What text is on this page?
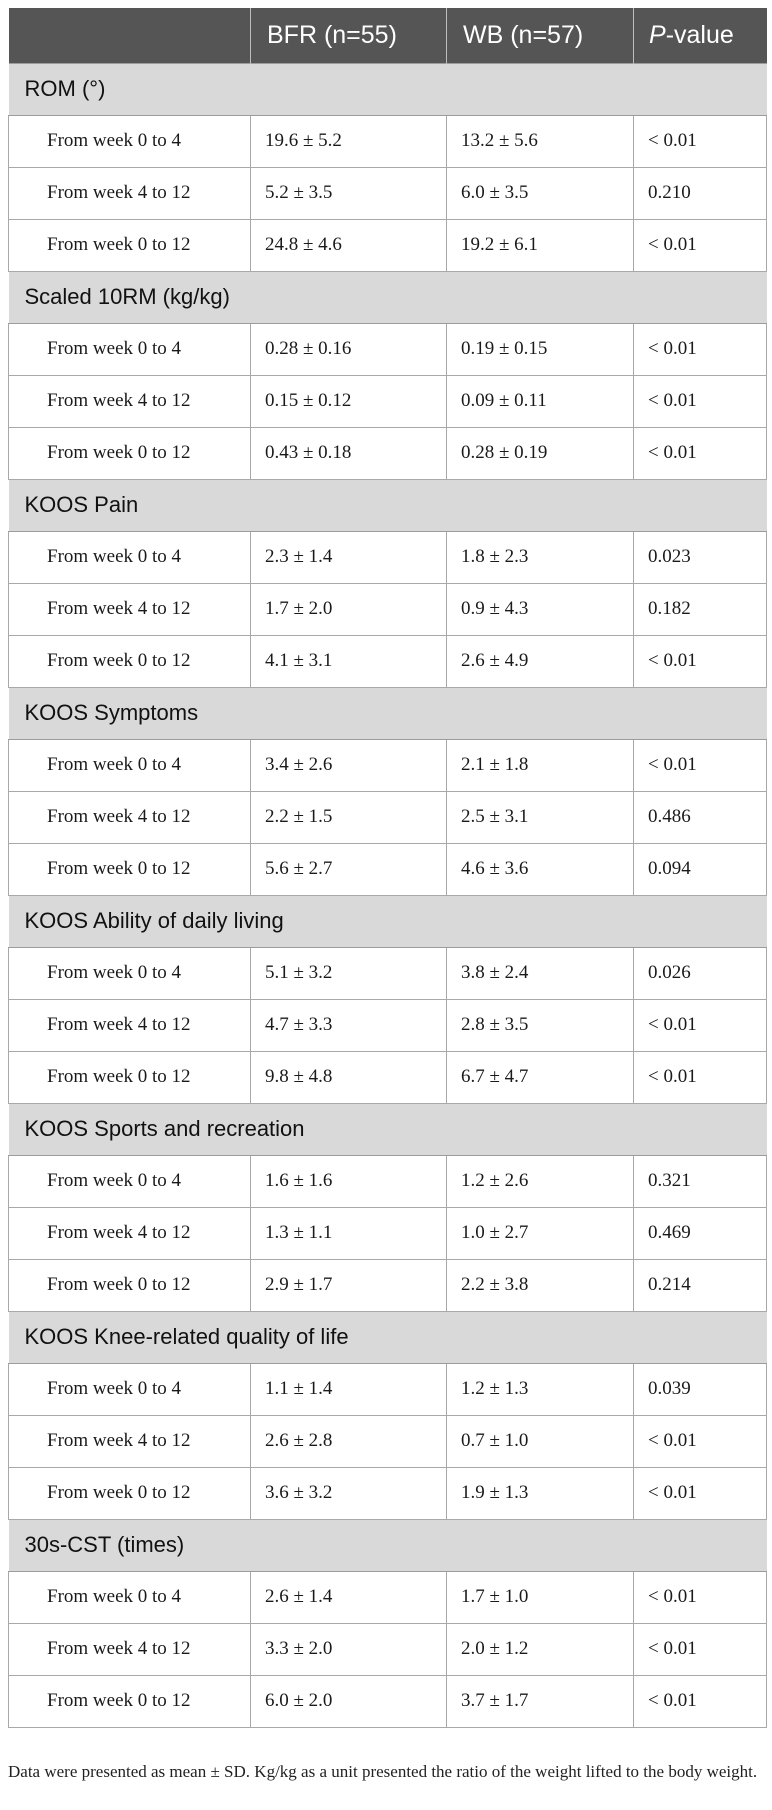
	BFR (n=55)	WB (n=57)	P-value
ROM (°)			
From week 0 to 4	19.6 ± 5.2	13.2 ± 5.6	< 0.01
From week 4 to 12	5.2 ± 3.5	6.0 ± 3.5	0.210
From week 0 to 12	24.8 ± 4.6	19.2 ± 6.1	< 0.01
Scaled 10RM (kg/kg)			
From week 0 to 4	0.28 ± 0.16	0.19 ± 0.15	< 0.01
From week 4 to 12	0.15 ± 0.12	0.09 ± 0.11	< 0.01
From week 0 to 12	0.43 ± 0.18	0.28 ± 0.19	< 0.01
KOOS Pain			
From week 0 to 4	2.3 ± 1.4	1.8 ± 2.3	0.023
From week 4 to 12	1.7 ± 2.0	0.9 ± 4.3	0.182
From week 0 to 12	4.1 ± 3.1	2.6 ± 4.9	< 0.01
KOOS Symptoms			
From week 0 to 4	3.4 ± 2.6	2.1 ± 1.8	< 0.01
From week 4 to 12	2.2 ± 1.5	2.5 ± 3.1	0.486
From week 0 to 12	5.6 ± 2.7	4.6 ± 3.6	0.094
KOOS Ability of daily living			
From week 0 to 4	5.1 ± 3.2	3.8 ± 2.4	0.026
From week 4 to 12	4.7 ± 3.3	2.8 ± 3.5	< 0.01
From week 0 to 12	9.8 ± 4.8	6.7 ± 4.7	< 0.01
KOOS Sports and recreation			
From week 0 to 4	1.6 ± 1.6	1.2 ± 2.6	0.321
From week 4 to 12	1.3 ± 1.1	1.0 ± 2.7	0.469
From week 0 to 12	2.9 ± 1.7	2.2 ± 3.8	0.214
KOOS Knee-related quality of life			
From week 0 to 4	1.1 ± 1.4	1.2 ± 1.3	0.039
From week 4 to 12	2.6 ± 2.8	0.7 ± 1.0	< 0.01
From week 0 to 12	3.6 ± 3.2	1.9 ± 1.3	< 0.01
30s-CST (times)			
From week 0 to 4	2.6 ± 1.4	1.7 ± 1.0	< 0.01
From week 4 to 12	3.3 ± 2.0	2.0 ± 1.2	< 0.01
From week 0 to 12	6.0 ± 2.0	3.7 ± 1.7	< 0.01
Data were presented as mean ± SD. Kg/kg as a unit presented the ratio of the weight lifted to the body weight.
